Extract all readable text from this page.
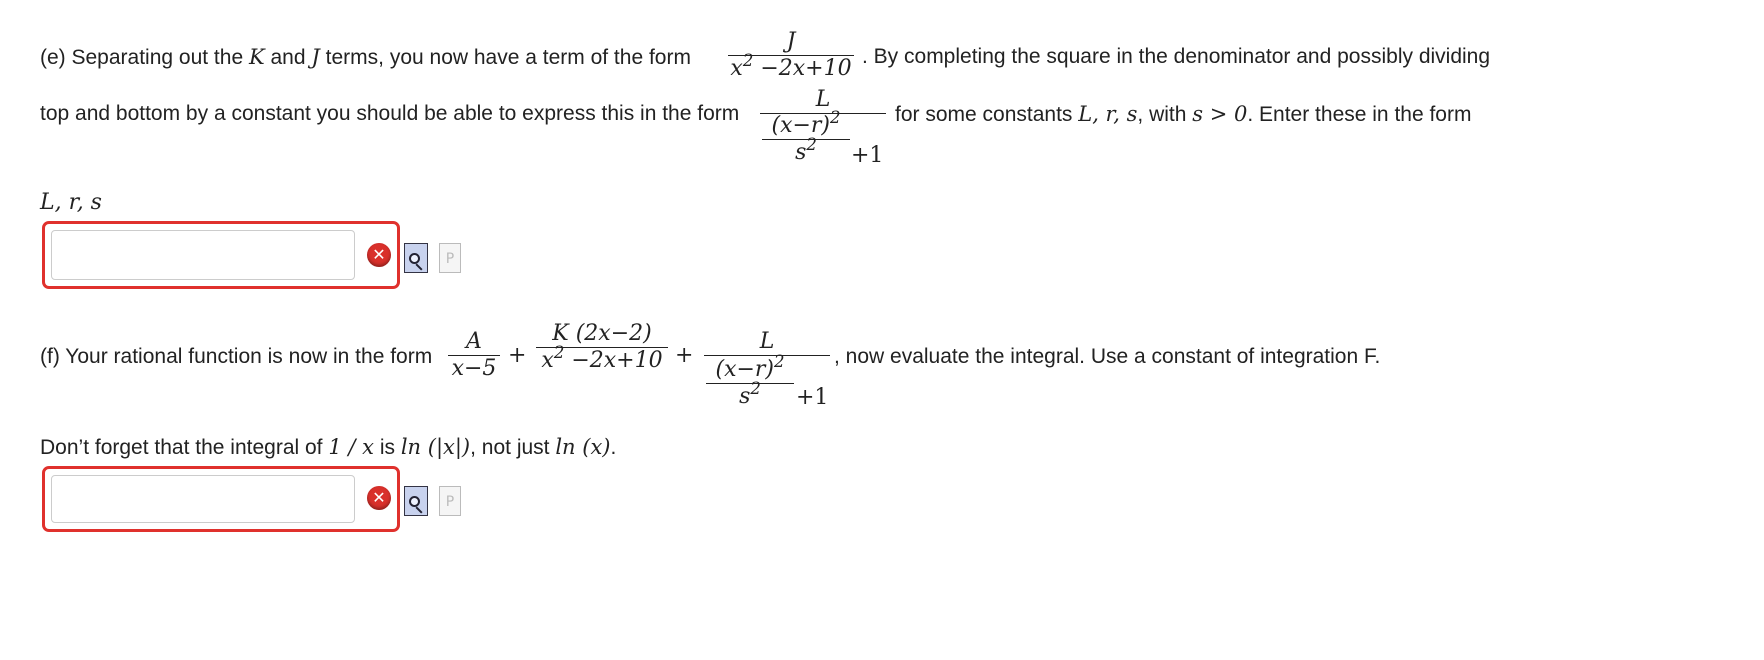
(e) Separating out the K and J terms, you now have a term of the form
J
$x^2 -2x+10$ . By completing the square in the denominator and possibly dividing
top and bottom by a constant you should be able to express this in the form
L
$(x-r)^2$
$s^2 +1$
for some constants L, r, s, with s > 0. Enter these in the form
L, r, s
✕	P
(f) Your rational function is now in the form
A
x−5
+
K (2x−2)
$x^2 -2x+10$ +
L
$(x-r)^2$
$s^2 +1$
, now evaluate the integral. Use a constant of integration F.
Don’t forget that the integral of 1 / x is ln (|x|), not just ln (x).
✕	P
